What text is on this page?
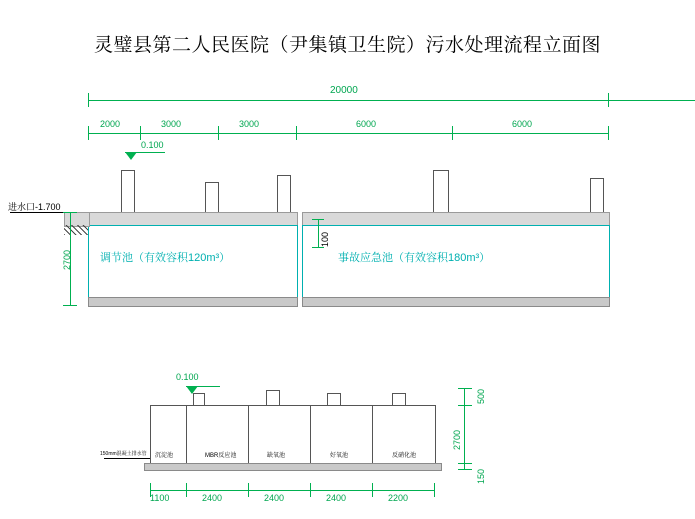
灵璧县第二人民医院（尹集镇卫生院）污水处理流程立面图
20000
2000	3000	3000	6000	6000
0.100
调节池（有效容积120m³）	事故应急池（有效容积180m³）
进水口-1.700
2700
100
0.100
沉淀池	MBR反应池	缺氧池	好氧池	反硝化池
150mm混凝土排水管
500
2700
150
1100	2400	2400	2400	2200
